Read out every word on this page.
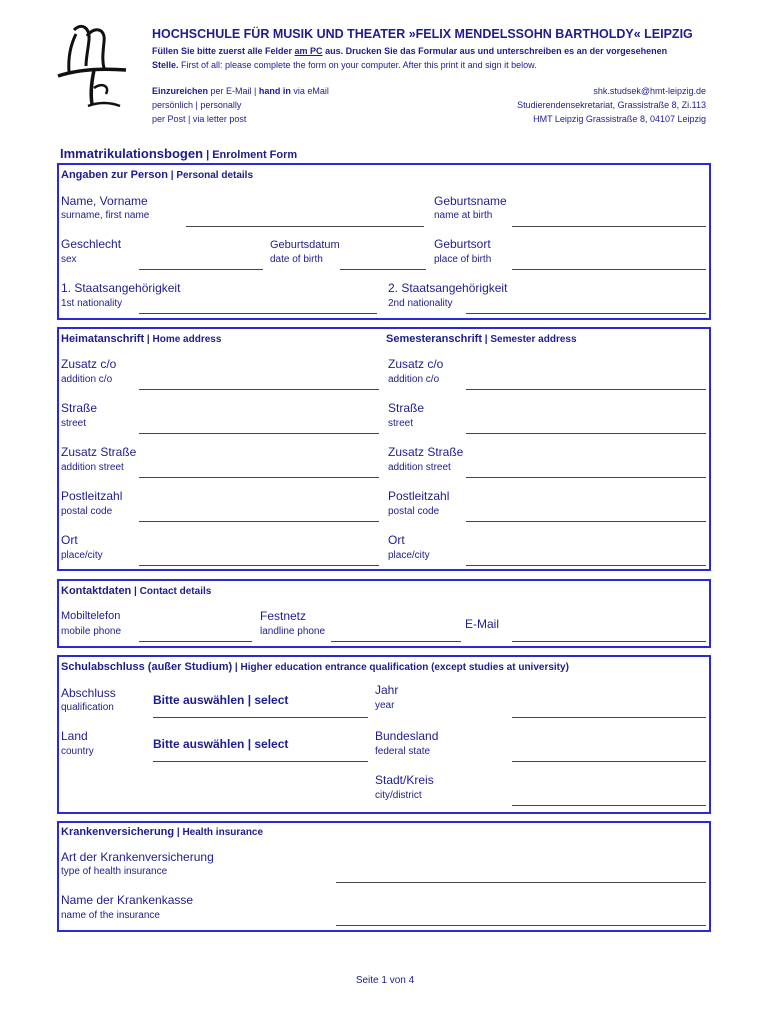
HOCHSCHULE FÜR MUSIK UND THEATER »FELIX MENDELSSOHN BARTHOLDY« LEIPZIG
Füllen Sie bitte zuerst alle Felder am PC aus. Drucken Sie das Formular aus und unterschreiben es an der vorgesehenen
Stelle. First of all: please complete the form on your computer. After this print it and sign it below.
Einzureichen per E-Mail | hand in via eMail
persönlich | personally
per Post | via letter post
shk.studsek@hmt-leipzig.de
Studierendensekretariat, Grassistraße 8, Zi.113
HMT Leipzig Grassistraße 8, 04107 Leipzig
Immatrikulationsbogen | Enrolment Form
Angaben zur Person | Personal details
Name, Vorname
surname, first name
Geburtsname
name at birth
Geschlecht
sex
Geburtsdatum
date of birth
Geburtsort
place of birth
1. Staatsangehörigkeit
1st nationality
2. Staatsangehörigkeit
2nd nationality
Heimatanschrift | Home address	Semesteranschrift | Semester address
Zusatz c/o
addition c/o
Zusatz c/o
addition c/o
Straße
street
Straße
street
Zusatz Straße
addition street
Zusatz Straße
addition street
Postleitzahl
postal code
Postleitzahl
postal code
Ort
place/city
Ort
place/city
Kontaktdaten | Contact details
Mobiltelefon
mobile phone
Festnetz
landline phone
E-Mail
Schulabschluss (außer Studium) | Higher education entrance qualification (except studies at university)
Abschluss
qualification
Bitte auswählen | select
Jahr
year
Land
country
Bitte auswählen | select
Bundesland
federal state
Stadt/Kreis
city/district
Krankenversicherung | Health insurance
Art der Krankenversicherung
type of health insurance
Name der Krankenkasse
name of the insurance
Seite 1 von 4
